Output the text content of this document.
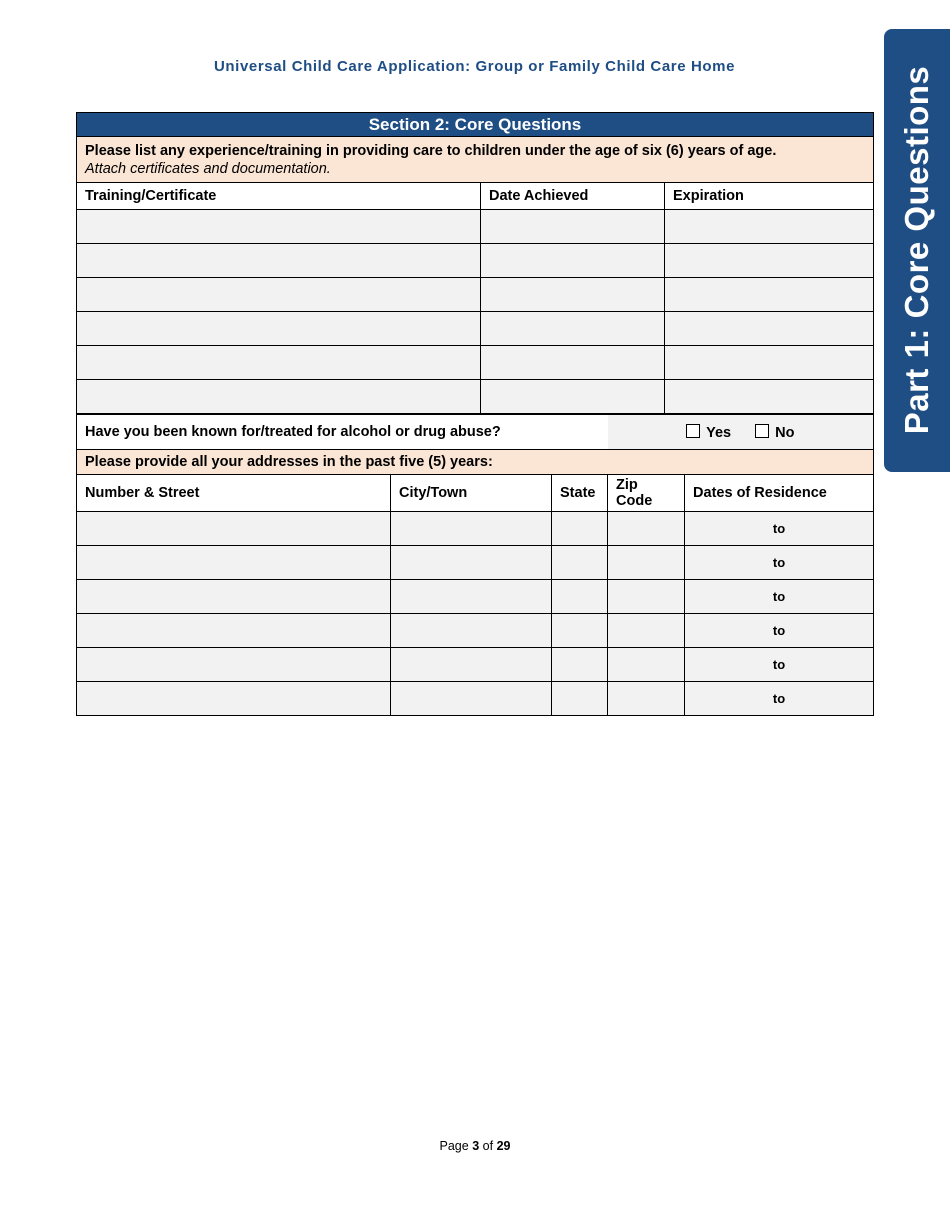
Universal Child Care Application: Group or Family Child Care Home	Part 1: Core Questions
Section 2: Core Questions		
Please list any experience/training in providing care to children under the age of six (6) years of age.
Attach certificates and documentation.		
Training/Certificate	Date Achieved	Expiration

Have you been known for/treated for alcohol or drug abuse?			Yes No	
Please provide all your addresses in the past five (5) years:				
Number & Street	City/Town	State	Zip Code	Dates of Residence
				to
				to
				to
				to
				to
				to
Page 3 of 29
